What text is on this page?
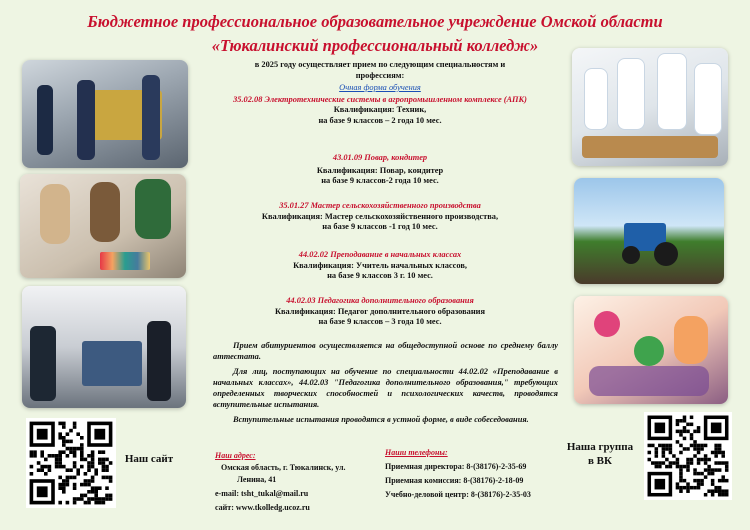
Бюджетное профессиональное образовательное учреждение Омской области
«Тюкалинский профессиональный колледж»
в 2025 году осуществляет прием по следующим специальностям и
профессиям:
Очная форма обучения
35.02.08 Электротехнические системы в агропромышленном комплексе (АПК)
Квалификация: Техник,
на базе 9 классов – 2 года 10 мес.
43.01.09 Повар, кондитер
Квалификация: Повар, кондитер
на базе 9 классов-2 года 10 мес.
35.01.27 Мастер сельскохозяйственного производства
Квалификация: Мастер сельскохозяйственного производства,
на базе 9 классов -1 год 10 мес.
44.02.02 Преподавание в начальных классах
Квалификация: Учитель начальных классов,
на базе 9 классов 3 г. 10 мес.
44.02.03 Педагогика дополнительного образования
Квалификация: Педагог дополнительного образования
на базе 9 классов – 3 года 10 мес.

Прием абитуриентов осуществляется на общедоступной основе по среднему баллу аттестата.

Для лиц, поступающих на обучение по специальности 44.02.02 «Преподавание в начальных классах», 44.02.03 "Педагогика дополнительного образования," требующих определенных творческих способностей и психологических качеств, проводятся вступительные испытания.

Вступительные испытания проводятся в устной форме, в виде собеседования.

Наш адрес:
Омская область, г. Тюкалинск, ул.
Ленина, 41
e-mail: tsht_tukal@mail.ru
сайт: www.tkolledg.ucoz.ru
Наши телефоны:
Приемная директора: 8-(38176)-2-35-69
Приемная комиссия: 8-(38176)-2-18-09
Учебно-деловой центр: 8-(38176)-2-35-03
Наш сайт
Наша группа
в ВК
